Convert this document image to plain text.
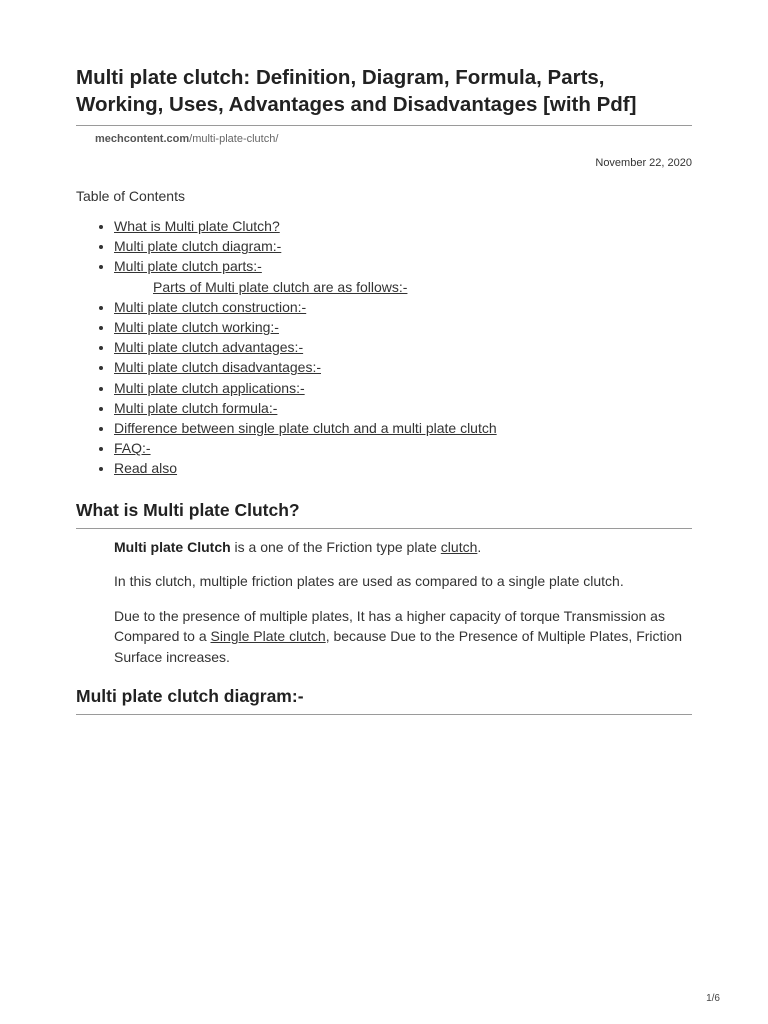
Multi plate clutch: Definition, Diagram, Formula, Parts, Working, Uses, Advantages and Disadvantages [with Pdf]
mechcontent.com/multi-plate-clutch/
November 22, 2020
Table of Contents
• What is Multi plate Clutch?
• Multi plate clutch diagram:-
• Multi plate clutch parts:-
Parts of Multi plate clutch are as follows:-
• Multi plate clutch construction:-
• Multi plate clutch working:-
• Multi plate clutch advantages:-
• Multi plate clutch disadvantages:-
• Multi plate clutch applications:-
• Multi plate clutch formula:-
• Difference between single plate clutch and a multi plate clutch
• FAQ:-
• Read also
What is Multi plate Clutch?

Multi plate Clutch is a one of the Friction type plate clutch.

In this clutch, multiple friction plates are used as compared to a single plate clutch.

Due to the presence of multiple plates, It has a higher capacity of torque Transmission as Compared to a Single Plate clutch, because Due to the Presence of Multiple Plates, Friction Surface increases.

Multi plate clutch diagram:-
1/6
